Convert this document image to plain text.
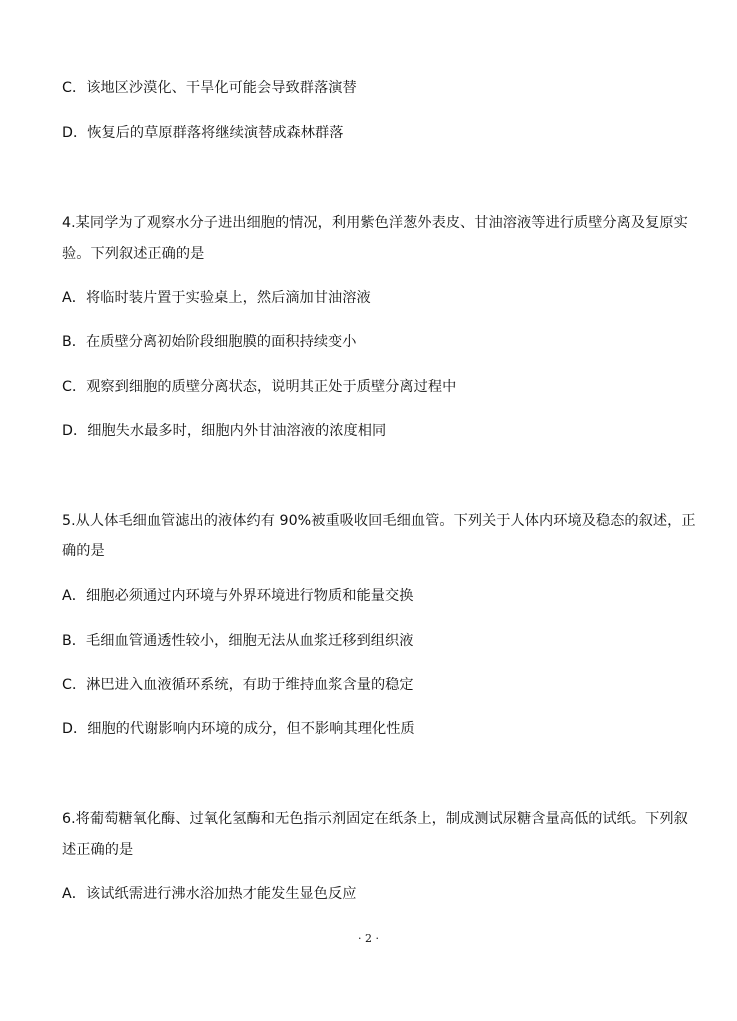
C．该地区沙漠化、干旱化可能会导致群落演替
D．恢复后的草原群落将继续演替成森林群落
4.某同学为了观察水分子进出细胞的情况，利用紫色洋葱外表皮、甘油溶液等进行质壁分离及复原实
验。下列叙述正确的是
A．将临时装片置于实验桌上，然后滴加甘油溶液
B．在质壁分离初始阶段细胞膜的面积持续变小
C．观察到细胞的质壁分离状态，说明其正处于质壁分离过程中
D．细胞失水最多时，细胞内外甘油溶液的浓度相同
5.从人体毛细血管滤出的液体约有 90%被重吸收回毛细血管。下列关于人体内环境及稳态的叙述，正
确的是
A．细胞必须通过内环境与外界环境进行物质和能量交换
B．毛细血管通透性较小，细胞无法从血浆迁移到组织液
C．淋巴进入血液循环系统，有助于维持血浆含量的稳定
D．细胞的代谢影响内环境的成分，但不影响其理化性质
6.将葡萄糖氧化酶、过氧化氢酶和无色指示剂固定在纸条上，制成测试尿糖含量高低的试纸。下列叙
述正确的是
A．该试纸需进行沸水浴加热才能发生显色反应
· 2 ·
